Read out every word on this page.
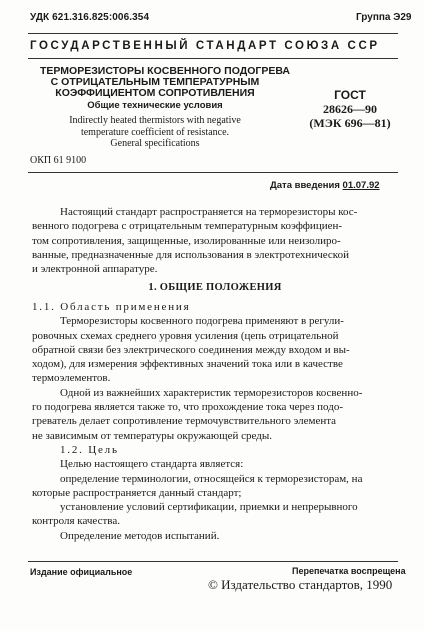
УДК 621.316.825:006.354	Группа Э29
ГОСУДАРСТВЕННЫЙ СТАНДАРТ СОЮЗА ССР
ТЕРМОРЕЗИСТОРЫ КОСВЕННОГО ПОДОГРЕВА
С ОТРИЦАТЕЛЬНЫМ ТЕМПЕРАТУРНЫМ
КОЭФФИЦИЕНТОМ СОПРОТИВЛЕНИЯ
Общие технические условия
Indirectly heated thermistors with negative
temperature coefficient of resistance.
General specifications
ГОСТ
28626—90
(МЭК 696—81)
ОКП 61 9100
Дата введения 01.07.92
Настоящий стандарт распространяется на терморезисторы кос-
венного подогрева с отрицательным температурным коэффициен-
том сопротивления, защищенные, изолированные или неизолиро-
ванные, предназначенные для использования в электротехнической
и электронной аппаратуре.
1. ОБЩИЕ ПОЛОЖЕНИЯ
1.1. Область применения
Терморезисторы косвенного подогрева применяют в регули-
ровочных схемах среднего уровня усиления (цепь отрицательной
обратной связи без электрического соединения между входом и вы-
ходом), для измерения эффективных значений тока или в качестве
термоэлементов.
Одной из важнейших характеристик терморезисторов косвенно-
го подогрева является также то, что прохождение тока через подо-
греватель делает сопротивление термочувствительного элемента
не зависимым от температуры окружающей среды.
1.2. Цель
Целью настоящего стандарта является:
определение терминологии, относящейся к терморезисторам, на
которые распространяется данный стандарт;
установление условий сертификации, приемки и непрерывного
контроля качества.
Определение методов испытаний.
Издание официальное	Перепечатка воспрещена
© Издательство стандартов, 1990
